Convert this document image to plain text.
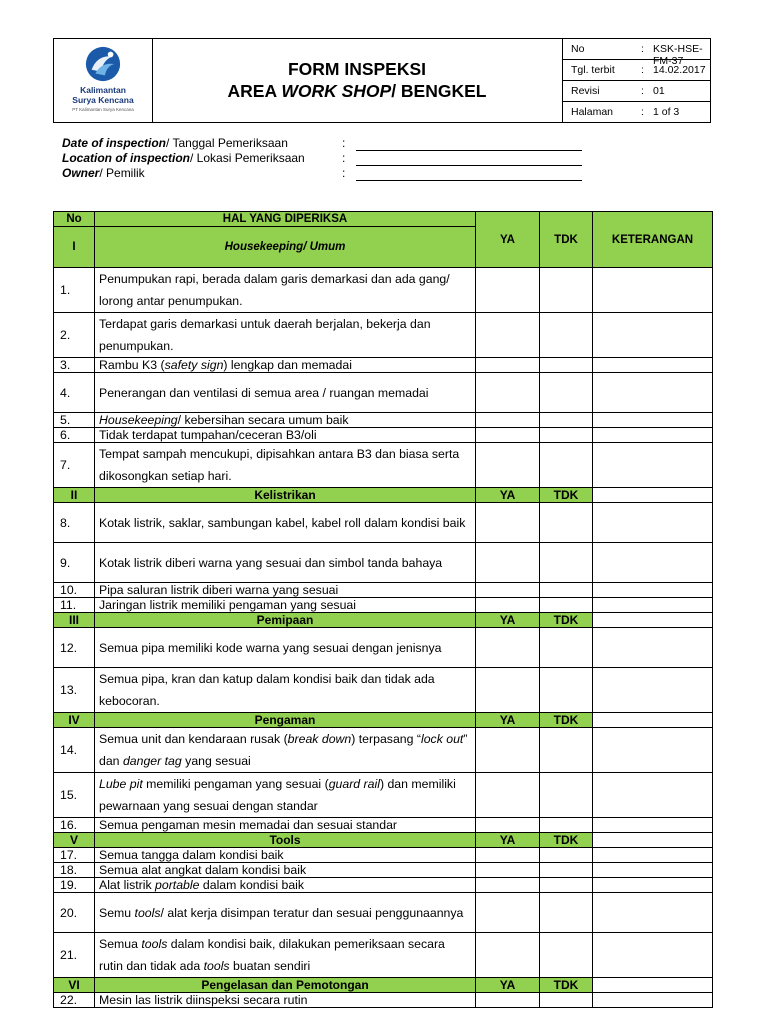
Kalimantan
Surya Kencana
PT Kalimantan Surya Kencana
FORM INSPEKSI
AREA WORK SHOP/ BENGKEL
No	: KSK-HSE-FM-37
Tgl. terbit : 14.02.2017
Revisi	: 01
Halaman	: 1 of 3
Date of inspection/ Tanggal Pemeriksaan	:
Location of inspection/ Lokasi Pemeriksaan	:
Owner/ Pemilik	:
No	HAL YANG DIPERIKSA	YA	TDK	KETERANGAN
I	Housekeeping/ Umum			
1.	Penumpukan rapi, berada dalam garis demarkasi dan ada gang/ lorong antar penumpukan.			
2.	Terdapat garis demarkasi untuk daerah berjalan, bekerja dan penumpukan.			
3.	Rambu K3 (safety sign) lengkap dan memadai			
4.	Penerangan dan ventilasi di semua area / ruangan memadai			
5.	Housekeeping/ kebersihan secara umum baik			
6.	Tidak terdapat tumpahan/ceceran B3/oli			
7.	Tempat sampah mencukupi, dipisahkan antara B3 dan biasa serta dikosongkan setiap hari.			
II	Kelistrikan	YA	TDK	
8.	Kotak listrik, saklar, sambungan kabel, kabel roll dalam kondisi baik			
9.	Kotak listrik diberi warna yang sesuai dan simbol tanda bahaya			
10.	Pipa saluran listrik diberi warna yang sesuai			
11.	Jaringan listrik memiliki pengaman yang sesuai			
III	Pemipaan	YA	TDK	
12.	Semua pipa memiliki kode warna yang sesuai dengan jenisnya			
13.	Semua pipa, kran dan katup dalam kondisi baik dan tidak ada kebocoran.			
IV	Pengaman	YA	TDK	
14.	Semua unit dan kendaraan rusak (break down) terpasang “lock out” dan danger tag yang sesuai			
15.	Lube pit memiliki pengaman yang sesuai (guard rail) dan memiliki pewarnaan yang sesuai dengan standar			
16.	Semua pengaman mesin memadai dan sesuai standar			
V	Tools	YA	TDK	
17.	Semua tangga dalam kondisi baik			
18.	Semua alat angkat dalam kondisi baik			
19.	Alat listrik portable dalam kondisi baik			
20.	Semu tools/ alat kerja disimpan teratur dan sesuai penggunaannya			
21.	Semua tools dalam kondisi baik, dilakukan pemeriksaan secara rutin dan tidak ada tools buatan sendiri			
VI	Pengelasan dan Pemotongan	YA	TDK	
22.	Mesin las listrik diinspeksi secara rutin			
